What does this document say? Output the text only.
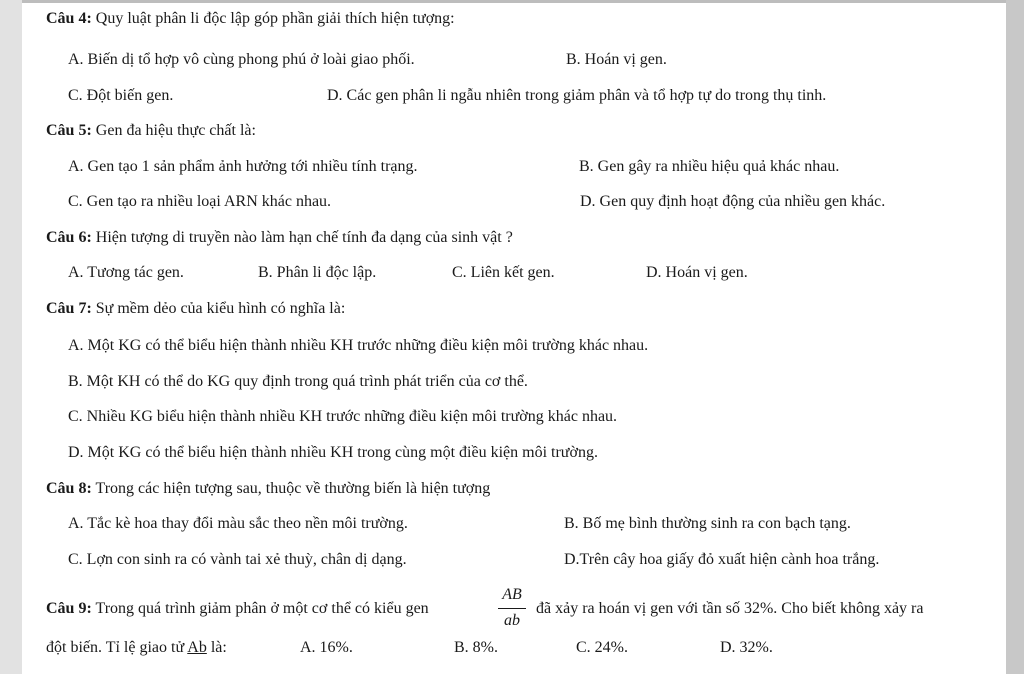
Câu 4: Quy luật phân li độc lập góp phần giải thích hiện tượng:
A. Biến dị tổ hợp vô cùng phong phú ở loài giao phối.	B. Hoán vị gen.
C. Đột biến gen.	D. Các gen phân li ngẫu nhiên trong giảm phân và tổ hợp tự do trong thụ tinh.
Câu 5: Gen đa hiệu thực chất là:
A. Gen tạo 1 sản phẩm ảnh hưởng tới nhiều tính trạng.	B. Gen gây ra nhiều hiệu quả khác nhau.
C. Gen tạo ra nhiều loại ARN khác nhau.	D. Gen quy định hoạt động của nhiều gen khác.
Câu 6: Hiện tượng di truyền nào làm hạn chế tính đa dạng của sinh vật ?
A. Tương tác gen.	B. Phân li độc lập.	C. Liên kết gen.	D. Hoán vị gen.
Câu 7: Sự mềm dẻo của kiểu hình có nghĩa là:
A. Một KG có thể biểu hiện thành nhiều KH trước những điều kiện môi trường khác nhau.
B. Một KH có thể do KG quy định trong quá trình phát triển của cơ thể.
C. Nhiều KG biểu hiện thành nhiều KH trước những điều kiện môi trường khác nhau.
D. Một KG có thể biểu hiện thành nhiều KH trong cùng một điều kiện môi trường.
Câu 8: Trong các hiện tượng sau, thuộc về thường biến là hiện tượng
A. Tắc kè hoa thay đổi màu sắc theo nền môi trường.	B. Bố mẹ bình thường sinh ra con bạch tạng.
C. Lợn con sinh ra có vành tai xẻ thuỳ, chân dị dạng.	D.Trên cây hoa giấy đỏ xuất hiện cành hoa trắng.
Câu 9: Trong quá trình giảm phân ở một cơ thể có kiểu gen
AB
ab
đã xảy ra hoán vị gen với tần số 32%. Cho biết không xảy ra
đột biến. Tỉ lệ giao tử Ab là:	A. 16%.	B. 8%.	C. 24%.	D. 32%.
